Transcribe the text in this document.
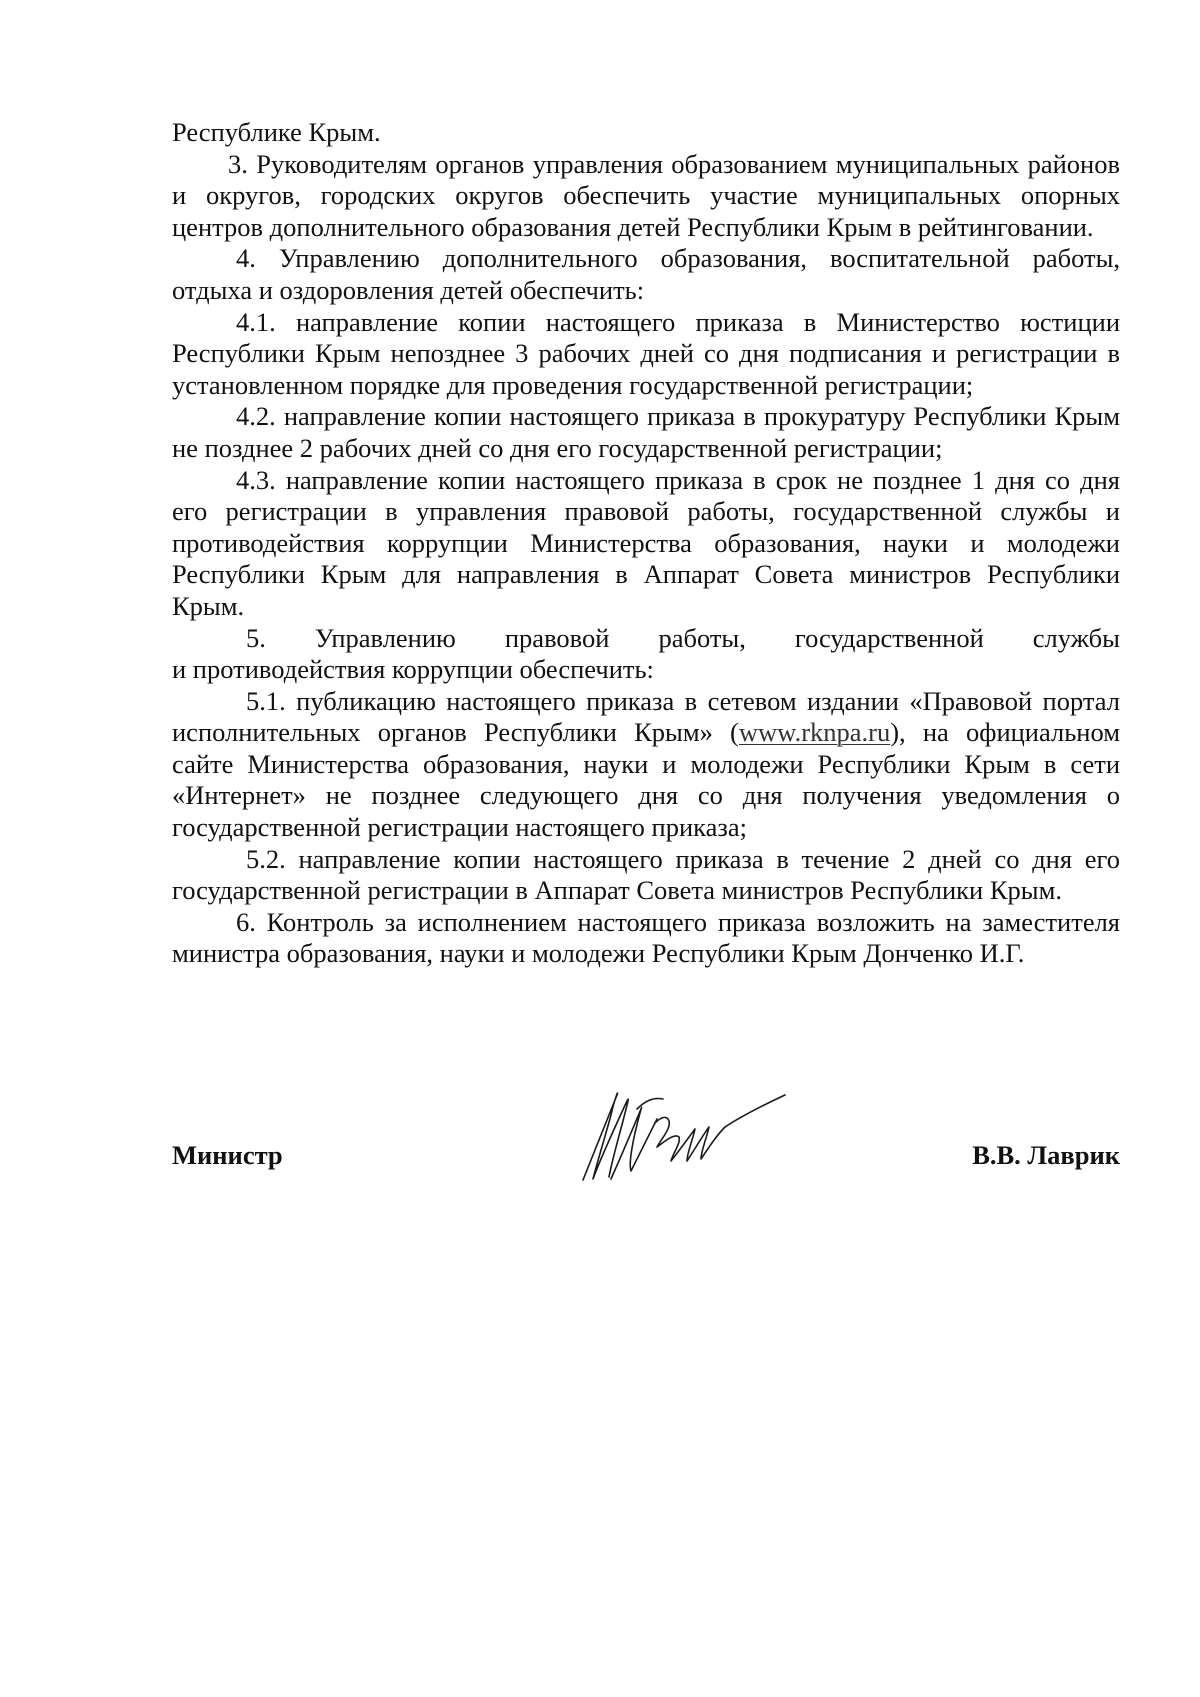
Республике Крым.

3. Руководителям органов управления образованием муниципальных районов и округов, городских округов обеспечить участие муниципальных опорных центров дополнительного образования детей Республики Крым в рейтинговании.

4. Управлению дополнительного образования, воспитательной работы, отдыха и оздоровления детей обеспечить:

4.1. направление копии настоящего приказа в Министерство юстиции Республики Крым непозднее 3 рабочих дней со дня подписания и регистрации в установленном порядке для проведения государственной регистрации;

4.2. направление копии настоящего приказа в прокуратуру Республики Крым не позднее 2 рабочих дней со дня его государственной регистрации;

4.3. направление копии настоящего приказа в срок не позднее 1 дня со дня его регистрации в управления правовой работы, государственной службы и противодействия коррупции Министерства образования, науки и молодежи Республики Крым для направления в Аппарат Совета министров Республики Крым.

5. Управлению правовой работы, государственной службы

и противодействия коррупции обеспечить:

5.1. публикацию настоящего приказа в сетевом издании «Правовой портал исполнительных органов Республики Крым» (www.rknpa.ru), на официальном сайте Министерства образования, науки и молодежи Республики Крым в сети «Интернет» не позднее следующего дня со дня получения уведомления о государственной регистрации настоящего приказа;

5.2. направление копии настоящего приказа в течение 2 дней со дня его государственной регистрации в Аппарат Совета министров Республики Крым.

6. Контроль за исполнением настоящего приказа возложить на заместителя министра образования, науки и молодежи Республики Крым Донченко И.Г.

Министр	В.В. Лаврик
